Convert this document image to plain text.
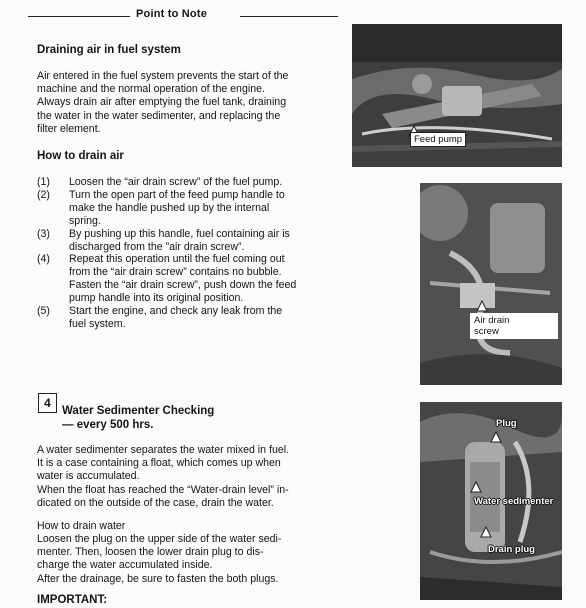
Point to Note
Draining air in fuel system
Air entered in the fuel system prevents the start of the
machine and the normal operation of the engine.
Always drain air after emptying the fuel tank, draining
the water in the water sedimenter, and replacing the
filter element.
How to drain air
(1) Loosen the “air drain screw” of the fuel pump.
(2) Turn the open part of the feed pump handle to
make the handle pushed up by the internal
spring.
(3) By pushing up this handle, fuel containing air is
discharged from the ”air drain screw”.
(4) Repeat this operation until the fuel coming out
from the “air drain screw” contains no bubble.
Fasten the “air drain screw”, push down the feed
pump handle into its original position.
(5) Start the engine, and check any leak from the
fuel system.
4
Water Sedimenter Checking
— every 500 hrs.
A water sedimenter separates the water mixed in fuel.
It is a case containing a float, which comes up when
water is accumulated.
When the float has reached the “Water-drain level” in-
dicated on the outside of the case, drain the water.
How to drain water
Loosen the plug on the upper side of the water sedi-
menter. Then, loosen the lower drain plug to dis-
charge the water accumulated inside.
After the drainage, be sure to fasten the both plugs.
IMPORTANT:
Feed pump
Air drain
screw
Plug
Water sedimenter
Drain plug
